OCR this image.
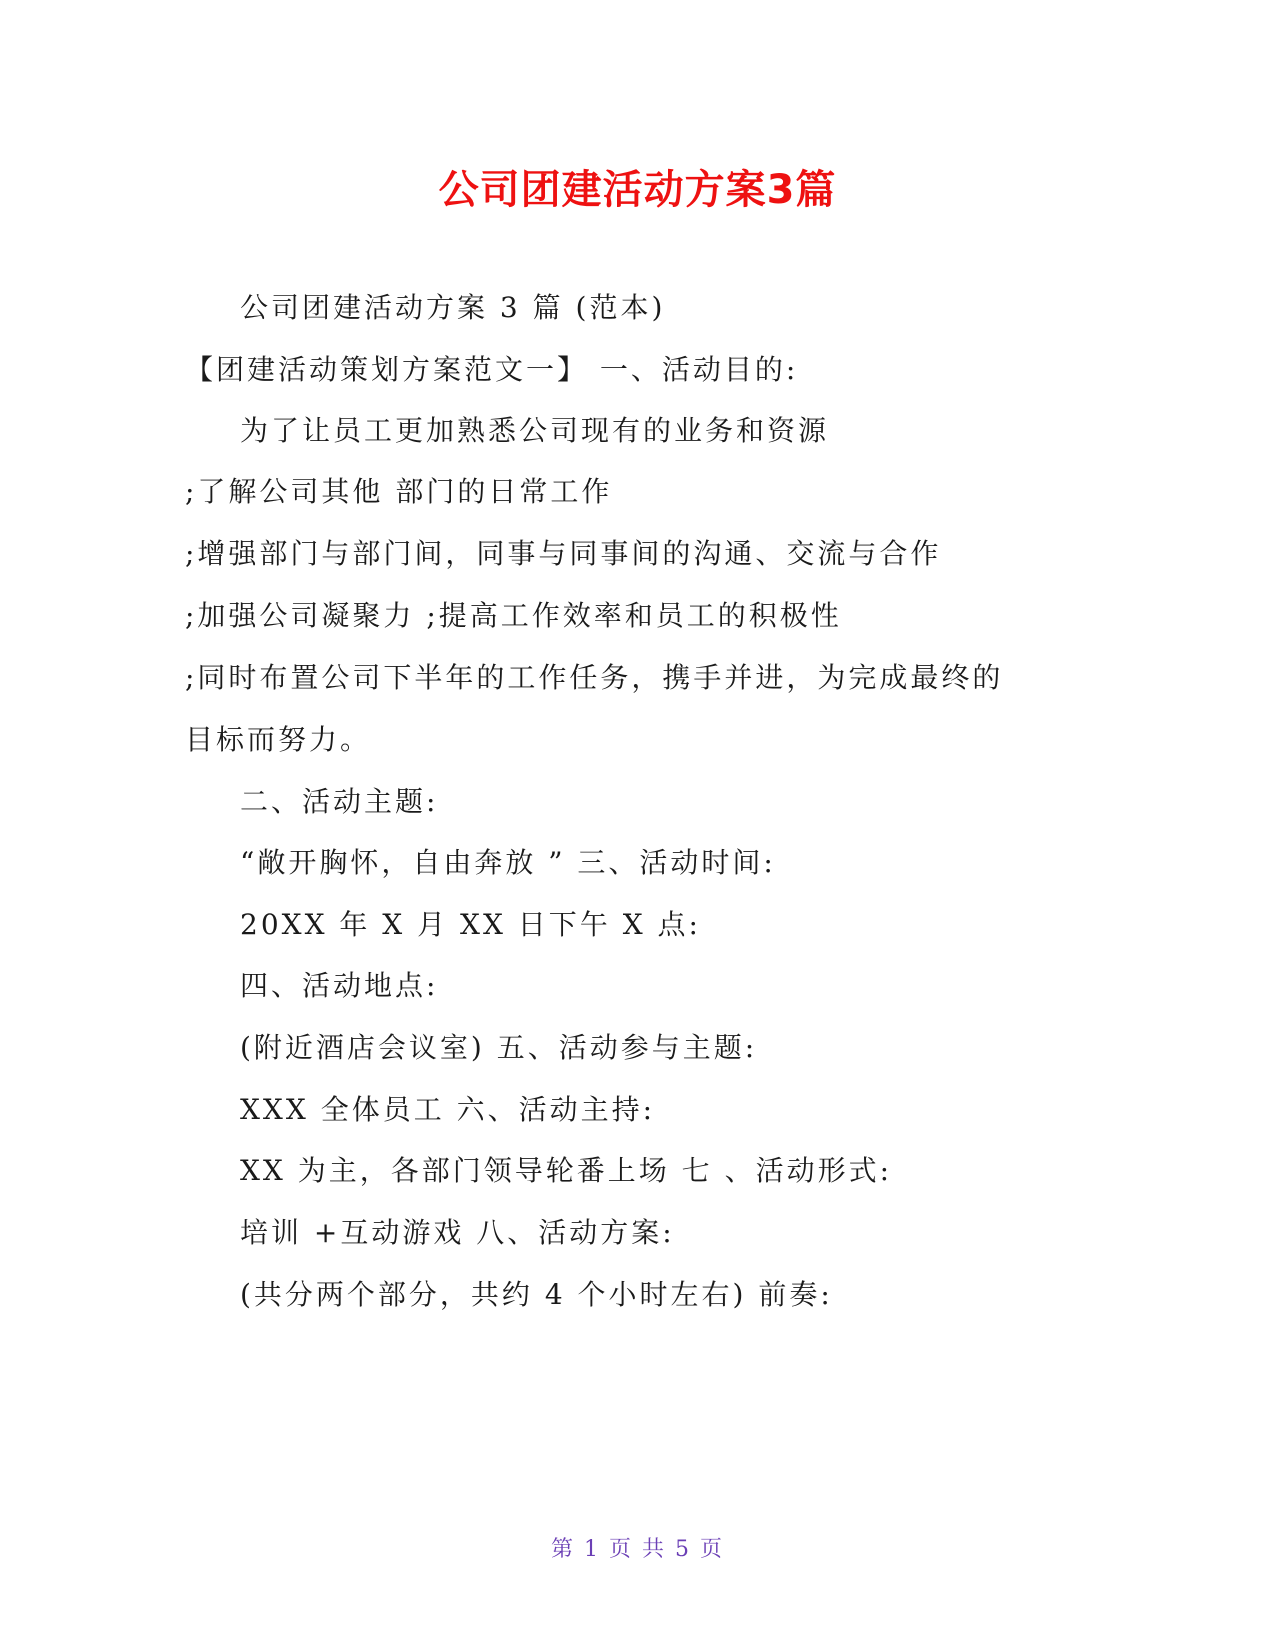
公司团建活动方案3篇
公司团建活动方案 3 篇 (范本)
【团建活动策划方案范文一】 一、活动目的:
为了让员工更加熟悉公司现有的业务和资源
;了解公司其他 部门的日常工作
;增强部门与部门间，同事与同事间的沟通、交流与合作
;加强公司凝聚力 ;提高工作效率和员工的积极性
;同时布置公司下半年的工作任务，携手并进，为完成最终的
目标而努力。
二、活动主题:
“敞开胸怀，自由奔放 ” 三、活动时间:
20XX 年 X 月 XX 日下午 X 点:
四、活动地点:
(附近酒店会议室) 五、活动参与主题:
XXX 全体员工 六、活动主持:
XX 为主，各部门领导轮番上场 七 、活动形式:
培训 +互动游戏 八、活动方案:
(共分两个部分，共约 4 个小时左右) 前奏:
第 1 页 共 5 页
